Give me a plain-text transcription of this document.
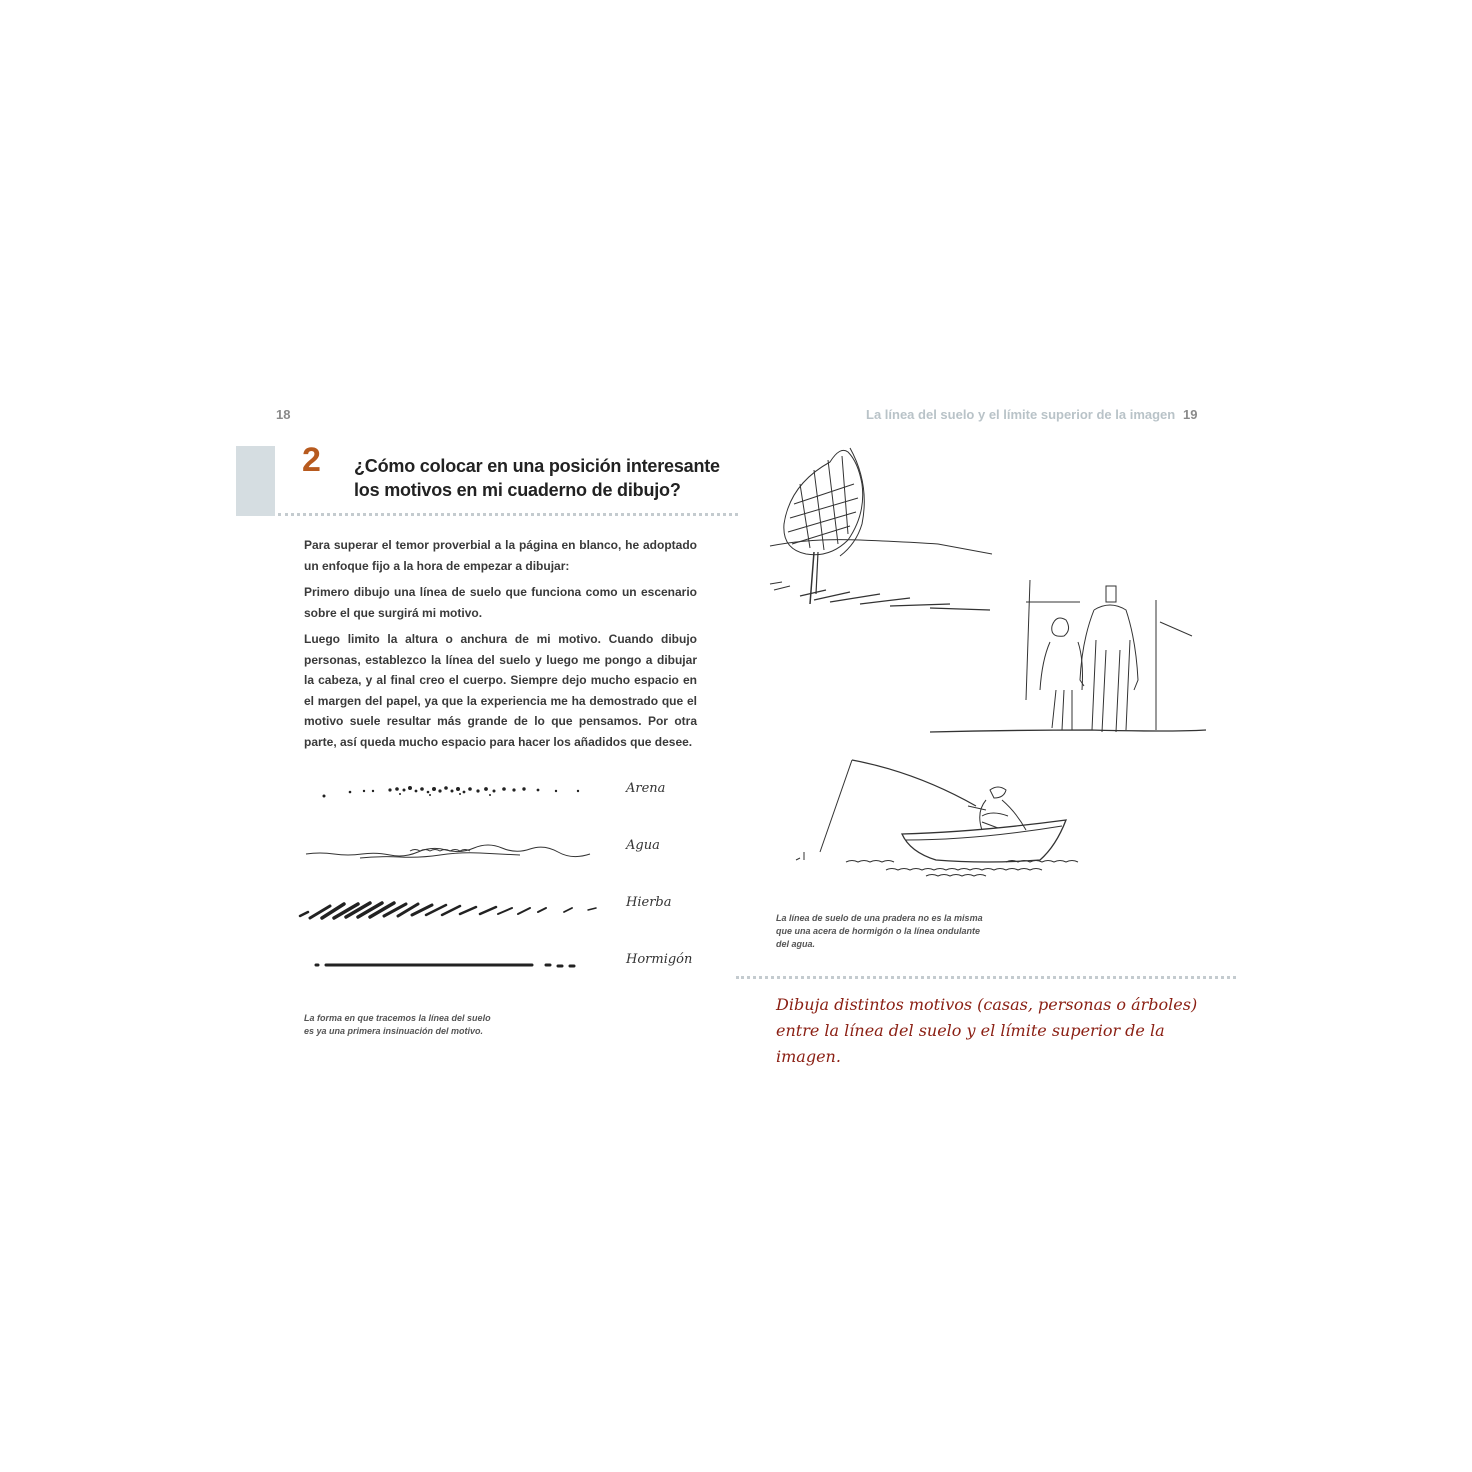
18
2 ¿Cómo colocar en una posición interesante
los motivos en mi cuaderno de dibujo?

Para superar el temor proverbial a la página en blanco, he adoptado un enfoque fijo a la hora de empezar a dibujar:

Primero dibujo una línea de suelo que funciona como un escenario sobre el que surgirá mi motivo.

Luego limito la altura o anchura de mi motivo. Cuando dibujo personas, establezco la línea del suelo y luego me pongo a dibujar la cabeza, y al final creo el cuerpo. Siempre dejo mucho espacio en el margen del papel, ya que la experiencia me ha demostrado que el motivo suele resultar más grande de lo que pensamos. Por otra parte, así queda mucho espacio para hacer los añadidos que desee.

Arena
Agua
Hierba
Hormigón
La forma en que tracemos la línea del suelo
es ya una primera insinuación del motivo.
La línea del suelo y el límite superior de la imagen 19
La línea de suelo de una pradera no es la misma
que una acera de hormigón o la línea ondulante
del agua.
Dibuja distintos motivos (casas, personas o árboles)
entre la línea del suelo y el límite superior de la
imagen.
